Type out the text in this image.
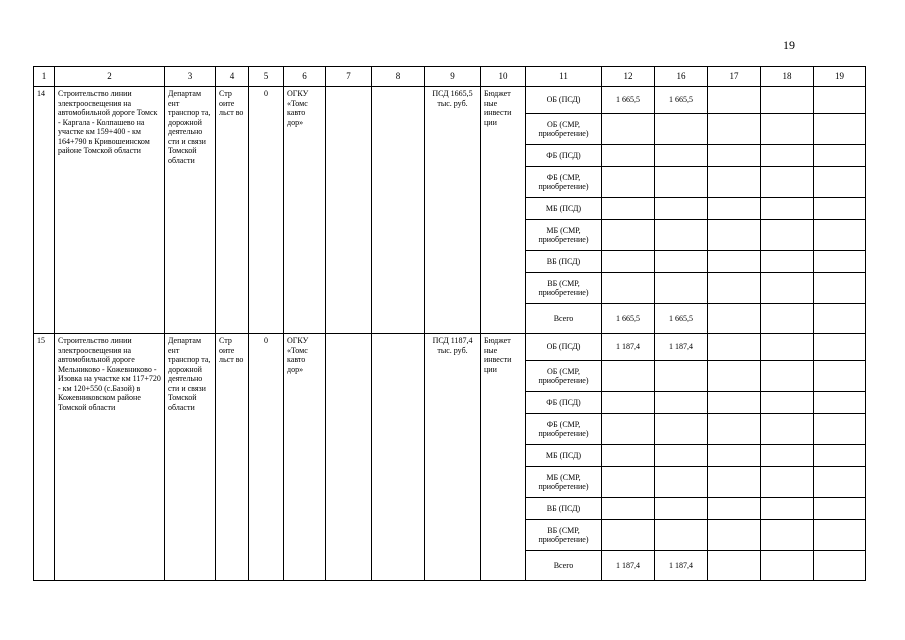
19
1	2	3	4	5	6	7	8	9	10	11	12	16	17	18	19
14	Строительство линии электроосвещения на автомобильной дороге Томск - Каргала - Колпашево на участке км 159+400 - км 164+790 в Кривошеинском районе Томской области	Департам ент транспор та, дорожной деятельно сти и связи Томской области	Стр оите льст во	0	ОГКУ «Томс кавто дор»			ПСД 1665,5 тыс. руб.	Бюджет ные инвести ции	ОБ (ПСД)	1 665,5	1 665,5			
										ОБ (СМР, приобретение)					
										ФБ (ПСД)					
										ФБ (СМР, приобретение)					
										МБ (ПСД)					
										МБ (СМР, приобретение)					
										ВБ (ПСД)					
										ВБ (СМР, приобретение)					
										Всего	1 665,5	1 665,5			
15	Строительство линии электроосвещения на автомобильной дороге Мельниково - Кожевниково - Изовка на участке км 117+720 - км 120+550 (с.Базой) в Кожевниковском районе Томской области	Департам ент транспор та, дорожной деятельно сти и связи Томской области	Стр оите льст во	0	ОГКУ «Томс кавто дор»			ПСД 1187,4 тыс. руб.	Бюджет ные инвести ции	ОБ (ПСД)	1 187,4	1 187,4			
										ОБ (СМР, приобретение)					
										ФБ (ПСД)					
										ФБ (СМР, приобретение)					
										МБ (ПСД)					
										МБ (СМР, приобретение)					
										ВБ (ПСД)					
										ВБ (СМР, приобретение)					
										Всего	1 187,4	1 187,4			
